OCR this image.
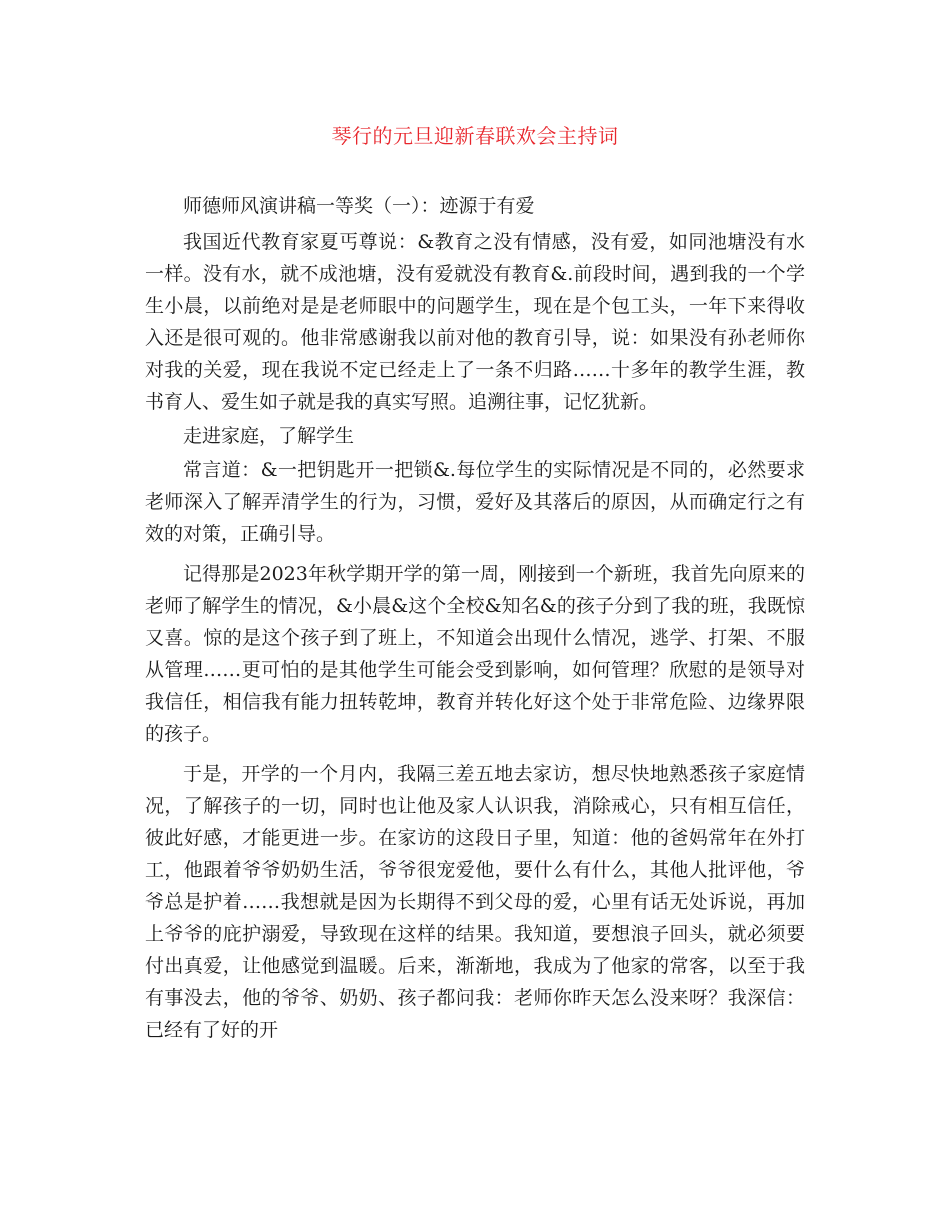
琴行的元旦迎新春联欢会主持词

师德师风演讲稿一等奖（一）：迹源于有爱

我国近代教育家夏丐尊说：&教育之没有情感，没有爱，如同池塘没有水一样。没有水，就不成池塘，没有爱就没有教育&.前段时间，遇到我的一个学生小晨，以前绝对是是老师眼中的问题学生，现在是个包工头，一年下来得收入还是很可观的。他非常感谢我以前对他的教育引导，说：如果没有孙老师你对我的关爱，现在我说不定已经走上了一条不归路……十多年的教学生涯，教书育人、爱生如子就是我的真实写照。追溯往事，记忆犹新。

走进家庭，了解学生

常言道：&一把钥匙开一把锁&.每位学生的实际情况是不同的，必然要求老师深入了解弄清学生的行为，习惯，爱好及其落后的原因，从而确定行之有效的对策，正确引导。

记得那是2023年秋学期开学的第一周，刚接到一个新班，我首先向原来的老师了解学生的情况，&小晨&这个全校&知名&的孩子分到了我的班，我既惊又喜。惊的是这个孩子到了班上，不知道会出现什么情况，逃学、打架、不服从管理……更可怕的是其他学生可能会受到影响，如何管理？欣慰的是领导对我信任，相信我有能力扭转乾坤，教育并转化好这个处于非常危险、边缘界限的孩子。

于是，开学的一个月内，我隔三差五地去家访，想尽快地熟悉孩子家庭情况，了解孩子的一切，同时也让他及家人认识我，消除戒心，只有相互信任，彼此好感，才能更进一步。在家访的这段日子里，知道：他的爸妈常年在外打工，他跟着爷爷奶奶生活，爷爷很宠爱他，要什么有什么，其他人批评他，爷爷总是护着……我想就是因为长期得不到父母的爱，心里有话无处诉说，再加上爷爷的庇护溺爱，导致现在这样的结果。我知道，要想浪子回头，就必须要付出真爱，让他感觉到温暖。后来，渐渐地，我成为了他家的常客，以至于我有事没去，他的爷爷、奶奶、孩子都问我：老师你昨天怎么没来呀？我深信：已经有了好的开
